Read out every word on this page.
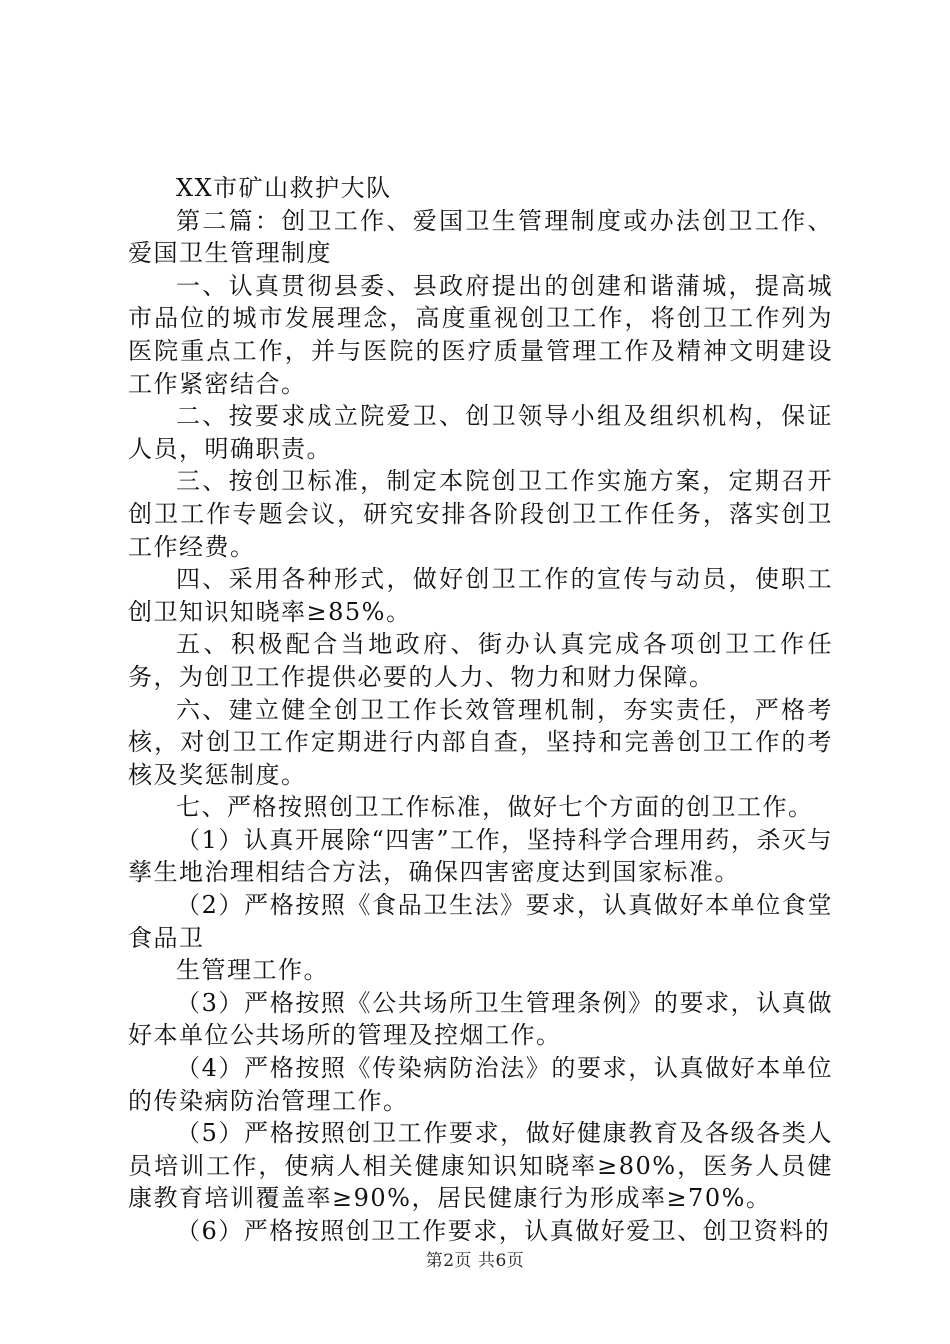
XX市矿山救护大队

第二篇：创卫工作、爱国卫生管理制度或办法创卫工作、爱国卫生管理制度

一、认真贯彻县委、县政府提出的创建和谐蒲城，提高城市品位的城市发展理念，高度重视创卫工作，将创卫工作列为医院重点工作，并与医院的医疗质量管理工作及精神文明建设工作紧密结合。

二、按要求成立院爱卫、创卫领导小组及组织机构，保证人员，明确职责。

三、按创卫标准，制定本院创卫工作实施方案，定期召开创卫工作专题会议，研究安排各阶段创卫工作任务，落实创卫工作经费。

四、采用各种形式，做好创卫工作的宣传与动员，使职工创卫知识知晓率≥85%。

五、积极配合当地政府、街办认真完成各项创卫工作任务，为创卫工作提供必要的人力、物力和财力保障。

六、建立健全创卫工作长效管理机制，夯实责任，严格考核，对创卫工作定期进行内部自查，坚持和完善创卫工作的考核及奖惩制度。

七、严格按照创卫工作标准，做好七个方面的创卫工作。

（1）认真开展除“四害”工作，坚持科学合理用药，杀灭与孳生地治理相结合方法，确保四害密度达到国家标准。

（2）严格按照《食品卫生法》要求，认真做好本单位食堂食品卫

生管理工作。

（3）严格按照《公共场所卫生管理条例》的要求，认真做好本单位公共场所的管理及控烟工作。

（4）严格按照《传染病防治法》的要求，认真做好本单位的传染病防治管理工作。

（5）严格按照创卫工作要求，做好健康教育及各级各类人员培训工作，使病人相关健康知识知晓率≥80%，医务人员健康教育培训覆盖率≥90%，居民健康行为形成率≥70%。

（6）严格按照创卫工作要求，认真做好爱卫、创卫资料的

第2页 共6页
